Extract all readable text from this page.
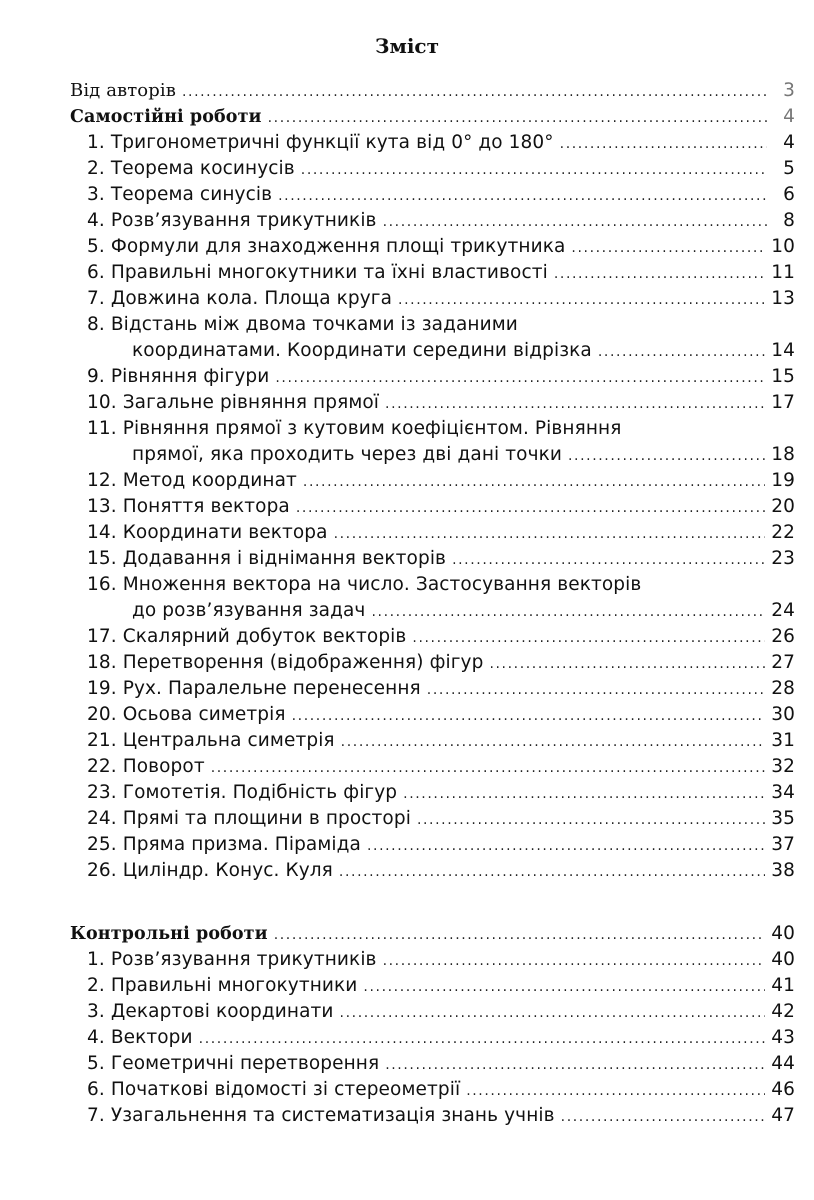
Зміст
Від авторів .....	3
Самостійні роботи .....	4
1. Тригонометричні функції кута від 0° до 180° .....	4
2. Теорема косинусів .....	5
3. Теорема синусів .....	6
4. Розв’язування трикутників .....	8
5. Формули для знаходження площі трикутника .....	10
6. Правильні многокутники та їхні властивості .....	11
7. Довжина кола. Площа круга .....	13
8. Відстань між двома точками із заданими
координатами. Координати середини відрізка .....	14
9. Рівняння фігури .....	15
10. Загальне рівняння прямої .....	17
11. Рівняння прямої з кутовим коефіцієнтом. Рівняння
прямої, яка проходить через дві дані точки .....	18
12. Метод координат .....	19
13. Поняття вектора .....	20
14. Координати вектора .....	22
15. Додавання і віднімання векторів .....	23
16. Множення вектора на число. Застосування векторів
до розв’язування задач .....	24
17. Скалярний добуток векторів .....	26
18. Перетворення (відображення) фігур .....	27
19. Рух. Паралельне перенесення .....	28
20. Осьова симетрія .....	30
21. Центральна симетрія .....	31
22. Поворот .....	32
23. Гомотетія. Подібність фігур .....	34
24. Прямі та площини в просторі .....	35
25. Пряма призма. Піраміда .....	37
26. Циліндр. Конус. Куля .....	38
Контрольні роботи .....	40
1. Розв’язування трикутників .....	40
2. Правильні многокутники .....	41
3. Декартові координати .....	42
4. Вектори .....	43
5. Геометричні перетворення .....	44
6. Початкові відомості зі стереометрії .....	46
7. Узагальнення та систематизація знань учнів .....	47
